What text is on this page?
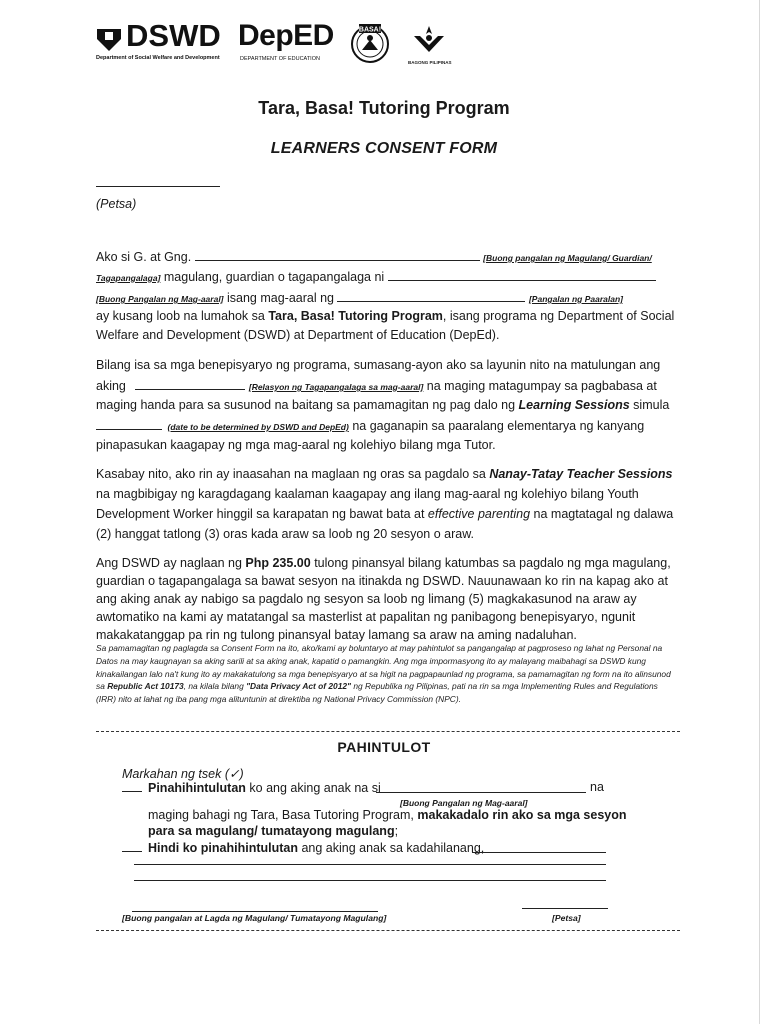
DSWD
Department of Social Welfare and Development
DepED
DEPARTMENT OF EDUCATION
BASA!
BAGONG PILIPINAS
Tara, Basa! Tutoring Program
LEARNERS CONSENT FORM
(Petsa)
Ako si G. at Gng.	[Buong pangalan ng Magulang/ Guardian/
Tagapangalaga] magulang, guardian o tagapangalaga ni
[Buong Pangalan ng Mag-aaral] isang mag-aaral ng	[Pangalan ng Paaralan]
ay kusang loob na lumahok sa Tara, Basa! Tutoring Program, isang programa ng Department of Social
Welfare and Development (DSWD) at Department of Education (DepEd).
Bilang isa sa mga benepisyaryo ng programa, sumasang-ayon ako sa layunin nito na matulungan ang
aking	[Relasyon ng Tagapangalaga sa mag-aaral] na maging matagumpay sa pagbabasa at
maging handa para sa susunod na baitang sa pamamagitan ng pag dalo ng Learning Sessions simula
(date to be determined by DSWD and DepEd) na gaganapin sa paaralang elementarya ng kanyang
pinapasukan kaagapay ng mga mag-aaral ng kolehiyo bilang mga Tutor.
Kasabay nito, ako rin ay inaasahan na maglaan ng oras sa pagdalo sa Nanay-Tatay Teacher Sessions
na magbibigay ng karagdagang kaalaman kaagapay ang ilang mag-aaral ng kolehiyo bilang Youth
Development Worker hinggil sa karapatan ng bawat bata at effective parenting na magtatagal ng dalawa
(2) hanggat tatlong (3) oras kada araw sa loob ng 20 sesyon o araw.
Ang DSWD ay naglaan ng Php 235.00 tulong pinansyal bilang katumbas sa pagdalo ng mga magulang,
guardian o tagapangalaga sa bawat sesyon na itinakda ng DSWD. Nauunawaan ko rin na kapag ako at
ang aking anak ay nabigo sa pagdalo ng sesyon sa loob ng limang (5) magkakasunod na araw ay
awtomatiko na kami ay matatangal sa masterlist at papalitan ng panibagong benepisyaryo, ngunit
makakatanggap pa rin ng tulong pinansyal batay lamang sa araw na aming nadaluhan.
Sa pamamagitan ng paglagda sa Consent Form na ito, ako/kami ay boluntaryo at may pahintulot sa pangangalap at pagproseso ng lahat ng Personal na Datos na may kaugnayan sa aking sarili at sa aking anak, kapatid o pamangkin. Ang mga impormasyong ito ay malayang maibahagi sa DSWD kung kinakailangan lalo na't kung ito ay makakatulong sa mga benepisyaryo at sa higit na pagpapaunlad ng programa, sa pamamagitan ng form na ito alinsunod sa Republic Act 10173, na kilala bilang "Data Privacy Act of 2012" ng Republika ng Pilipinas, pati na rin sa mga Implementing Rules and Regulations (IRR) nito at lahat ng iba pang mga alituntunin at direktiba ng National Privacy Commission (NPC).
PAHINTULOT
Markahan ng tsek (✓)
Pinahihintulutan ko ang aking anak na si	na
maging bahagi ng Tara, Basa Tutoring Program, makakadalo rin ako sa mga sesyon
[Buong Pangalan ng Mag-aaral]
para sa magulang/ tumatayong magulang;
Hindi ko pinahihintulutan ang aking anak sa kadahilanang,
[Buong pangalan at Lagda ng Magulang/ Tumatayong Magulang]	[Petsa]
